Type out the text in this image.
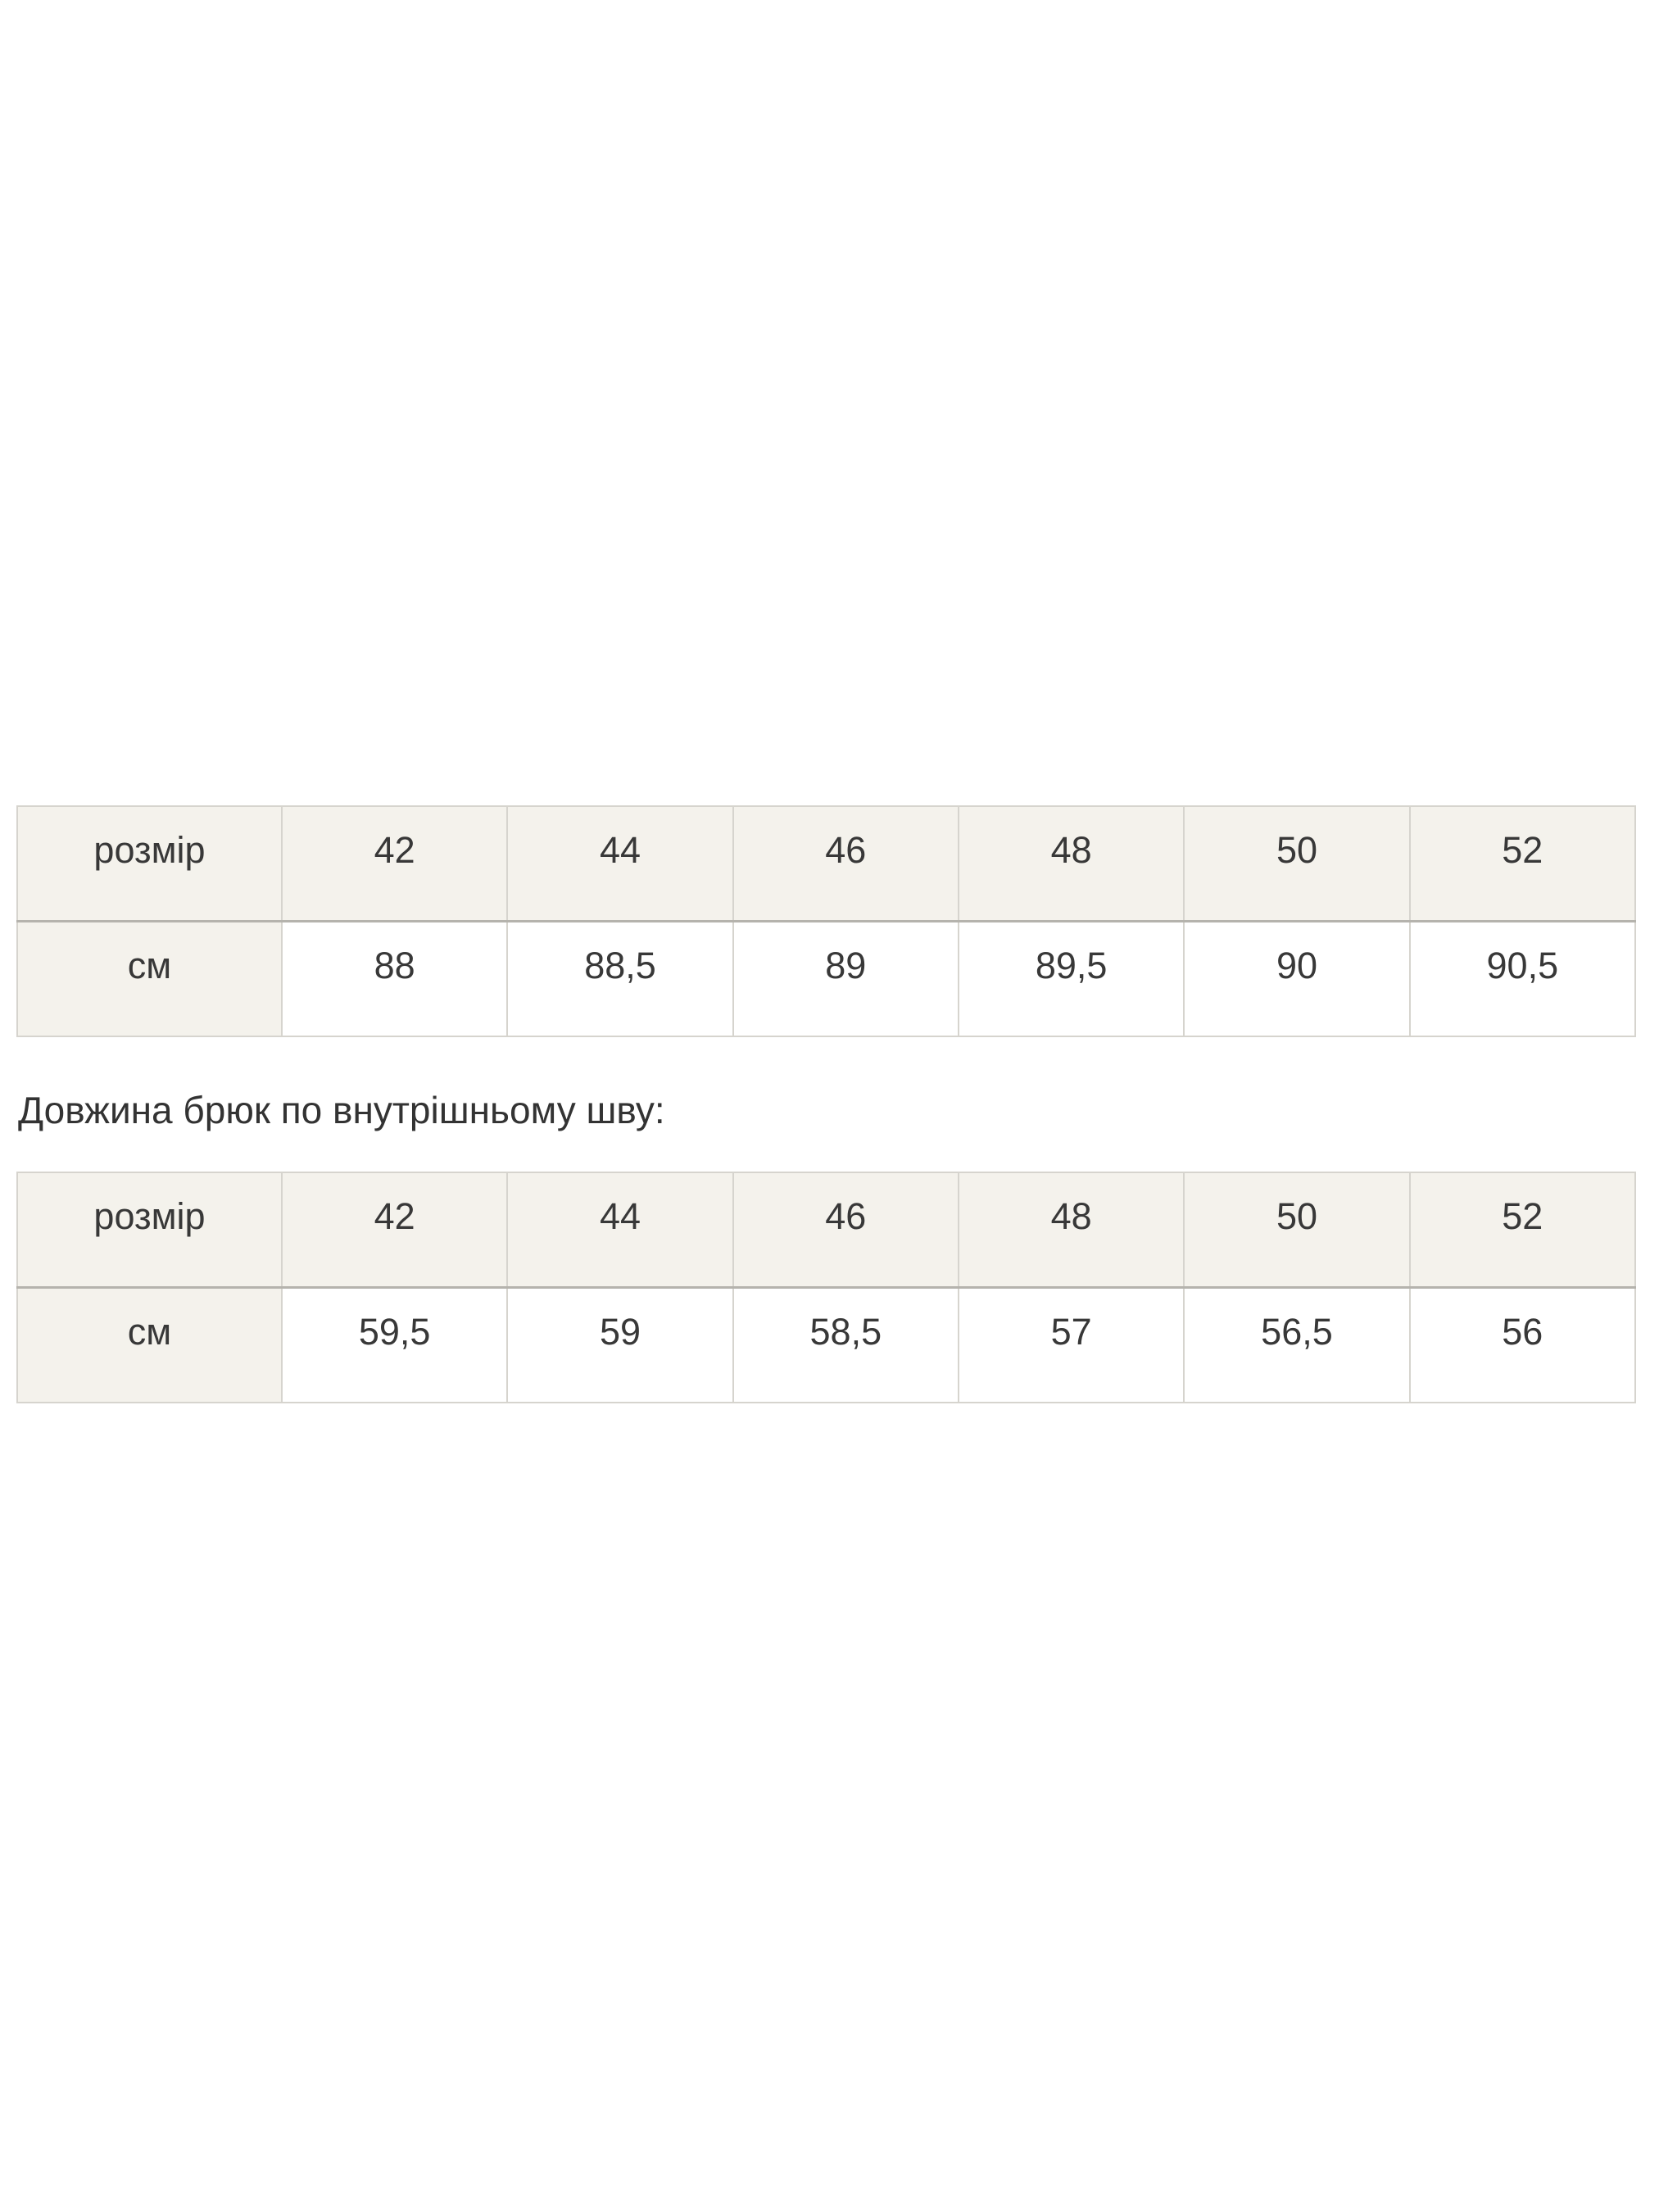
розмір	42	44	46	48	50	52
см	88	88,5	89	89,5	90	90,5
Довжина брюк по внутрішньому шву:
розмір	42	44	46	48	50	52
см	59,5	59	58,5	57	56,5	56
